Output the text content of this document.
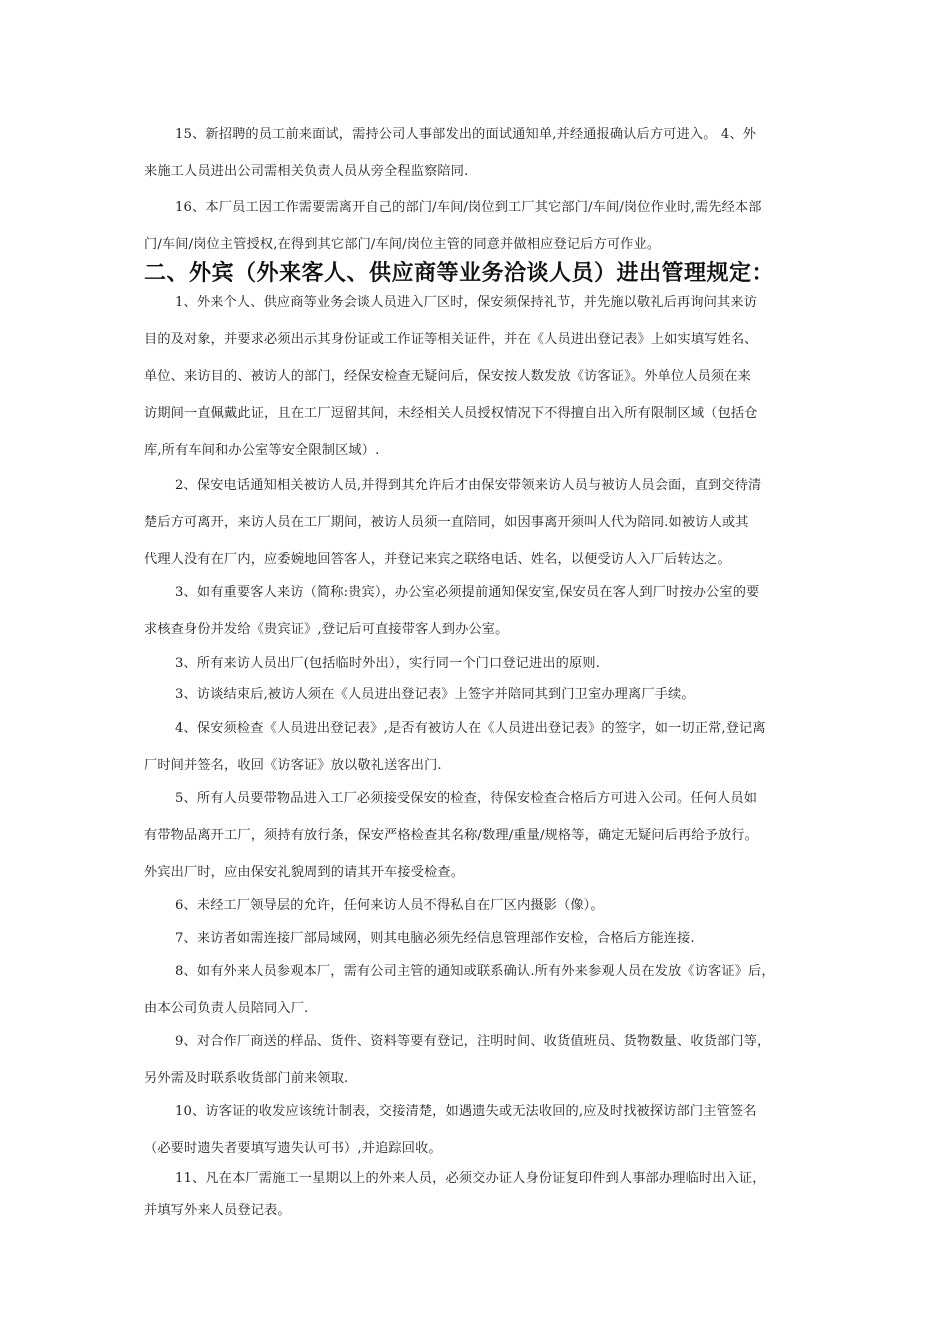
15、新招聘的员工前来面试，需持公司人事部发出的面试通知单,并经通报确认后方可进入。 4、外
来施工人员进出公司需相关负责人员从旁全程监察陪同.
16、本厂员工因工作需要需离开自己的部门/车间/岗位到工厂其它部门/车间/岗位作业时,需先经本部
门/车间/岗位主管授权,在得到其它部门/车间/岗位主管的同意并做相应登记后方可作业。
二、外宾（外来客人、供应商等业务洽谈人员）进出管理规定：
1、外来个人、供应商等业务会谈人员进入厂区时，保安须保持礼节，并先施以敬礼后再询问其来访
目的及对象，并要求必须出示其身份证或工作证等相关证件，并在《人员进出登记表》上如实填写姓名、
单位、来访目的、被访人的部门，经保安检查无疑问后，保安按人数发放《访客证》。外单位人员须在来
访期间一直佩戴此证，且在工厂逗留其间，未经相关人员授权情况下不得擅自出入所有限制区域（包括仓
库,所有车间和办公室等安全限制区域）.
2、保安电话通知相关被访人员,并得到其允许后才由保安带领来访人员与被访人员会面，直到交待清
楚后方可离开，来访人员在工厂期间，被访人员须一直陪同，如因事离开须叫人代为陪同.如被访人或其
代理人没有在厂内，应委婉地回答客人，并登记来宾之联络电话、姓名，以便受访人入厂后转达之。
3、如有重要客人来访（简称:贵宾），办公室必须提前通知保安室,保安员在客人到厂时按办公室的要
求核查身份并发给《贵宾证》,登记后可直接带客人到办公室。
3、所有来访人员出厂(包括临时外出），实行同一个门口登记进出的原则.
3、访谈结束后,被访人须在《人员进出登记表》上签字并陪同其到门卫室办理离厂手续。
4、保安须检查《人员进出登记表》,是否有被访人在《人员进出登记表》的签字，如一切正常,登记离
厂时间并签名，收回《访客证》放以敬礼送客出门.
5、所有人员要带物品进入工厂必须接受保安的检查，待保安检查合格后方可进入公司。任何人员如
有带物品离开工厂，须持有放行条，保安严格检查其名称/数理/重量/规格等，确定无疑问后再给予放行。
外宾出厂时，应由保安礼貌周到的请其开车接受检查。
6、未经工厂领导层的允许，任何来访人员不得私自在厂区内摄影（像）。
7、来访者如需连接厂部局域网，则其电脑必须先经信息管理部作安检，合格后方能连接.
8、如有外来人员参观本厂，需有公司主管的通知或联系确认.所有外来参观人员在发放《访客证》后，
由本公司负责人员陪同入厂.
9、对合作厂商送的样品、货件、资料等要有登记，注明时间、收货值班员、货物数量、收货部门等，
另外需及时联系收货部门前来领取.
10、访客证的收发应该统计制表，交接清楚，如遇遗失或无法收回的,应及时找被探访部门主管签名
（必要时遗失者要填写遗失认可书）,并追踪回收。
11、凡在本厂需施工一星期以上的外来人员，必须交办证人身份证复印件到人事部办理临时出入证，
并填写外来人员登记表。
